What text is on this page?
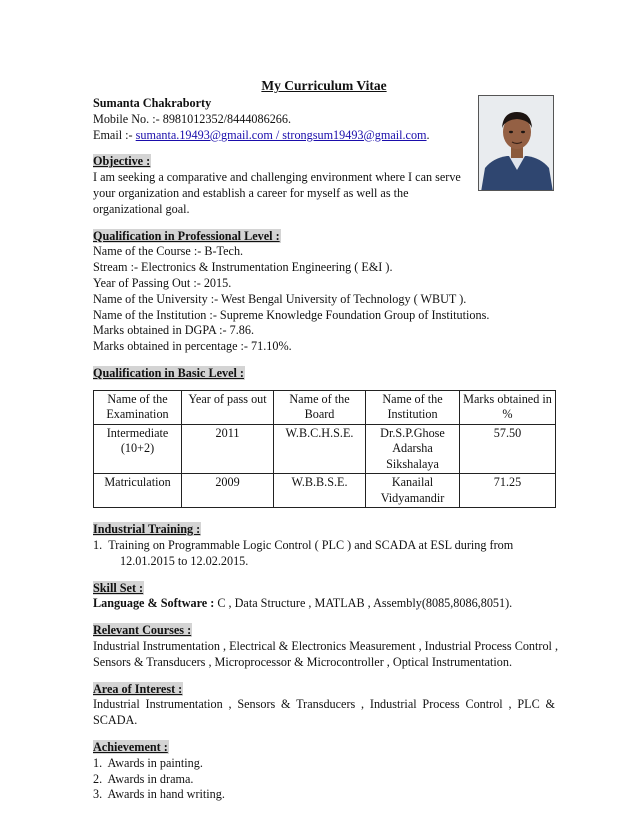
My Curriculum Vitae
Sumanta Chakraborty
Mobile No. :- 8981012352/8444086266.
Email :- sumanta.19493@gmail.com / strongsum19493@gmail.com.
Objective :
I am seeking a comparative and challenging environment where I can serve
your organization and establish a career for myself as well as the
organizational goal.
Qualification in Professional Level :
Name of the Course :- B-Tech.
Stream :- Electronics & Instrumentation Engineering ( E&I ).
Year of Passing Out :- 2015.
Name of the University :- West Bengal University of Technology ( WBUT ).
Name of the Institution :- Supreme Knowledge Foundation Group of Institutions.
Marks obtained in DGPA :- 7.86.
Marks obtained in percentage :- 71.10%.
Qualification in Basic Level :
Name of the Examination	Year of pass out	Name of the Board	Name of the Institution	Marks obtained in %
Intermediate (10+2)	2011	W.B.C.H.S.E.	Dr.S.P.Ghose Adarsha Sikshalaya	57.50
Matriculation	2009	W.B.B.S.E.	Kanailal Vidyamandir	71.25
Industrial Training :
1. Training on Programmable Logic Control ( PLC ) and SCADA at ESL during from
12.01.2015 to 12.02.2015.
Skill Set :
Language & Software : C , Data Structure , MATLAB , Assembly(8085,8086,8051).
Relevant Courses :
Industrial Instrumentation , Electrical & Electronics Measurement , Industrial Process Control ,
Sensors & Transducers , Microprocessor & Microcontroller , Optical Instrumentation.
Area of Interest :
Industrial Instrumentation , Sensors & Transducers , Industrial Process Control , PLC &
SCADA.
Achievement :
1.  Awards in painting.
2.  Awards in drama.
3.  Awards in hand writing.
